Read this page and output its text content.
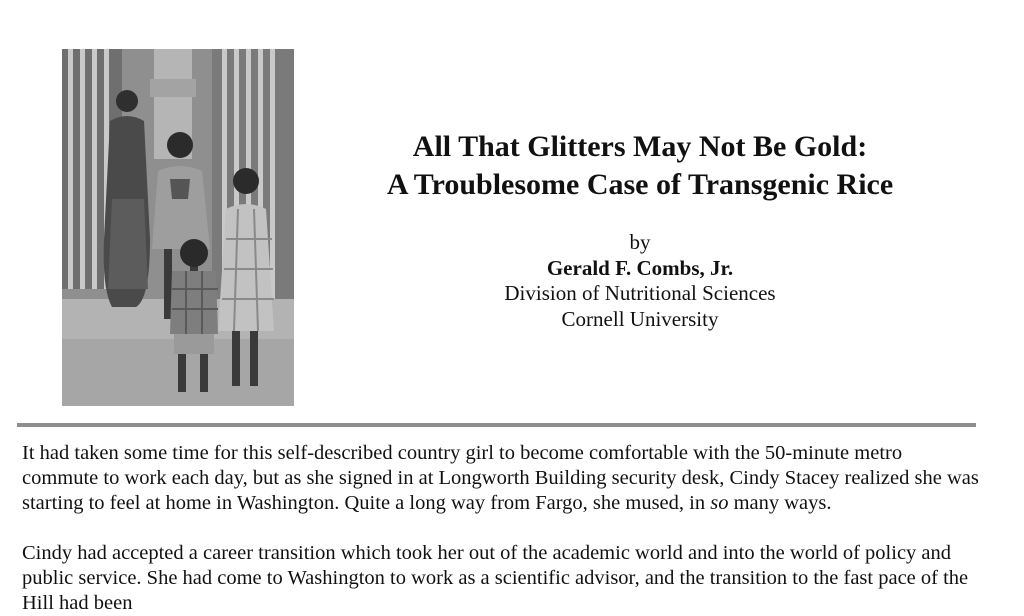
All That Glitters May Not Be Gold:
A Troublesome Case of Transgenic Rice
by
Gerald F. Combs, Jr.
Division of Nutritional Sciences
Cornell University

It had taken some time for this self-described country girl to become comfortable with the 50-minute metro commute to work each day, but as she signed in at Longworth Building security desk, Cindy Stacey realized she was starting to feel at home in Washington. Quite a long way from Fargo, she mused, in so many ways.

Cindy had accepted a career transition which took her out of the academic world and into the world of policy and public service. She had come to Washington to work as a scientific advisor, and the transition to the fast pace of the Hill had been
